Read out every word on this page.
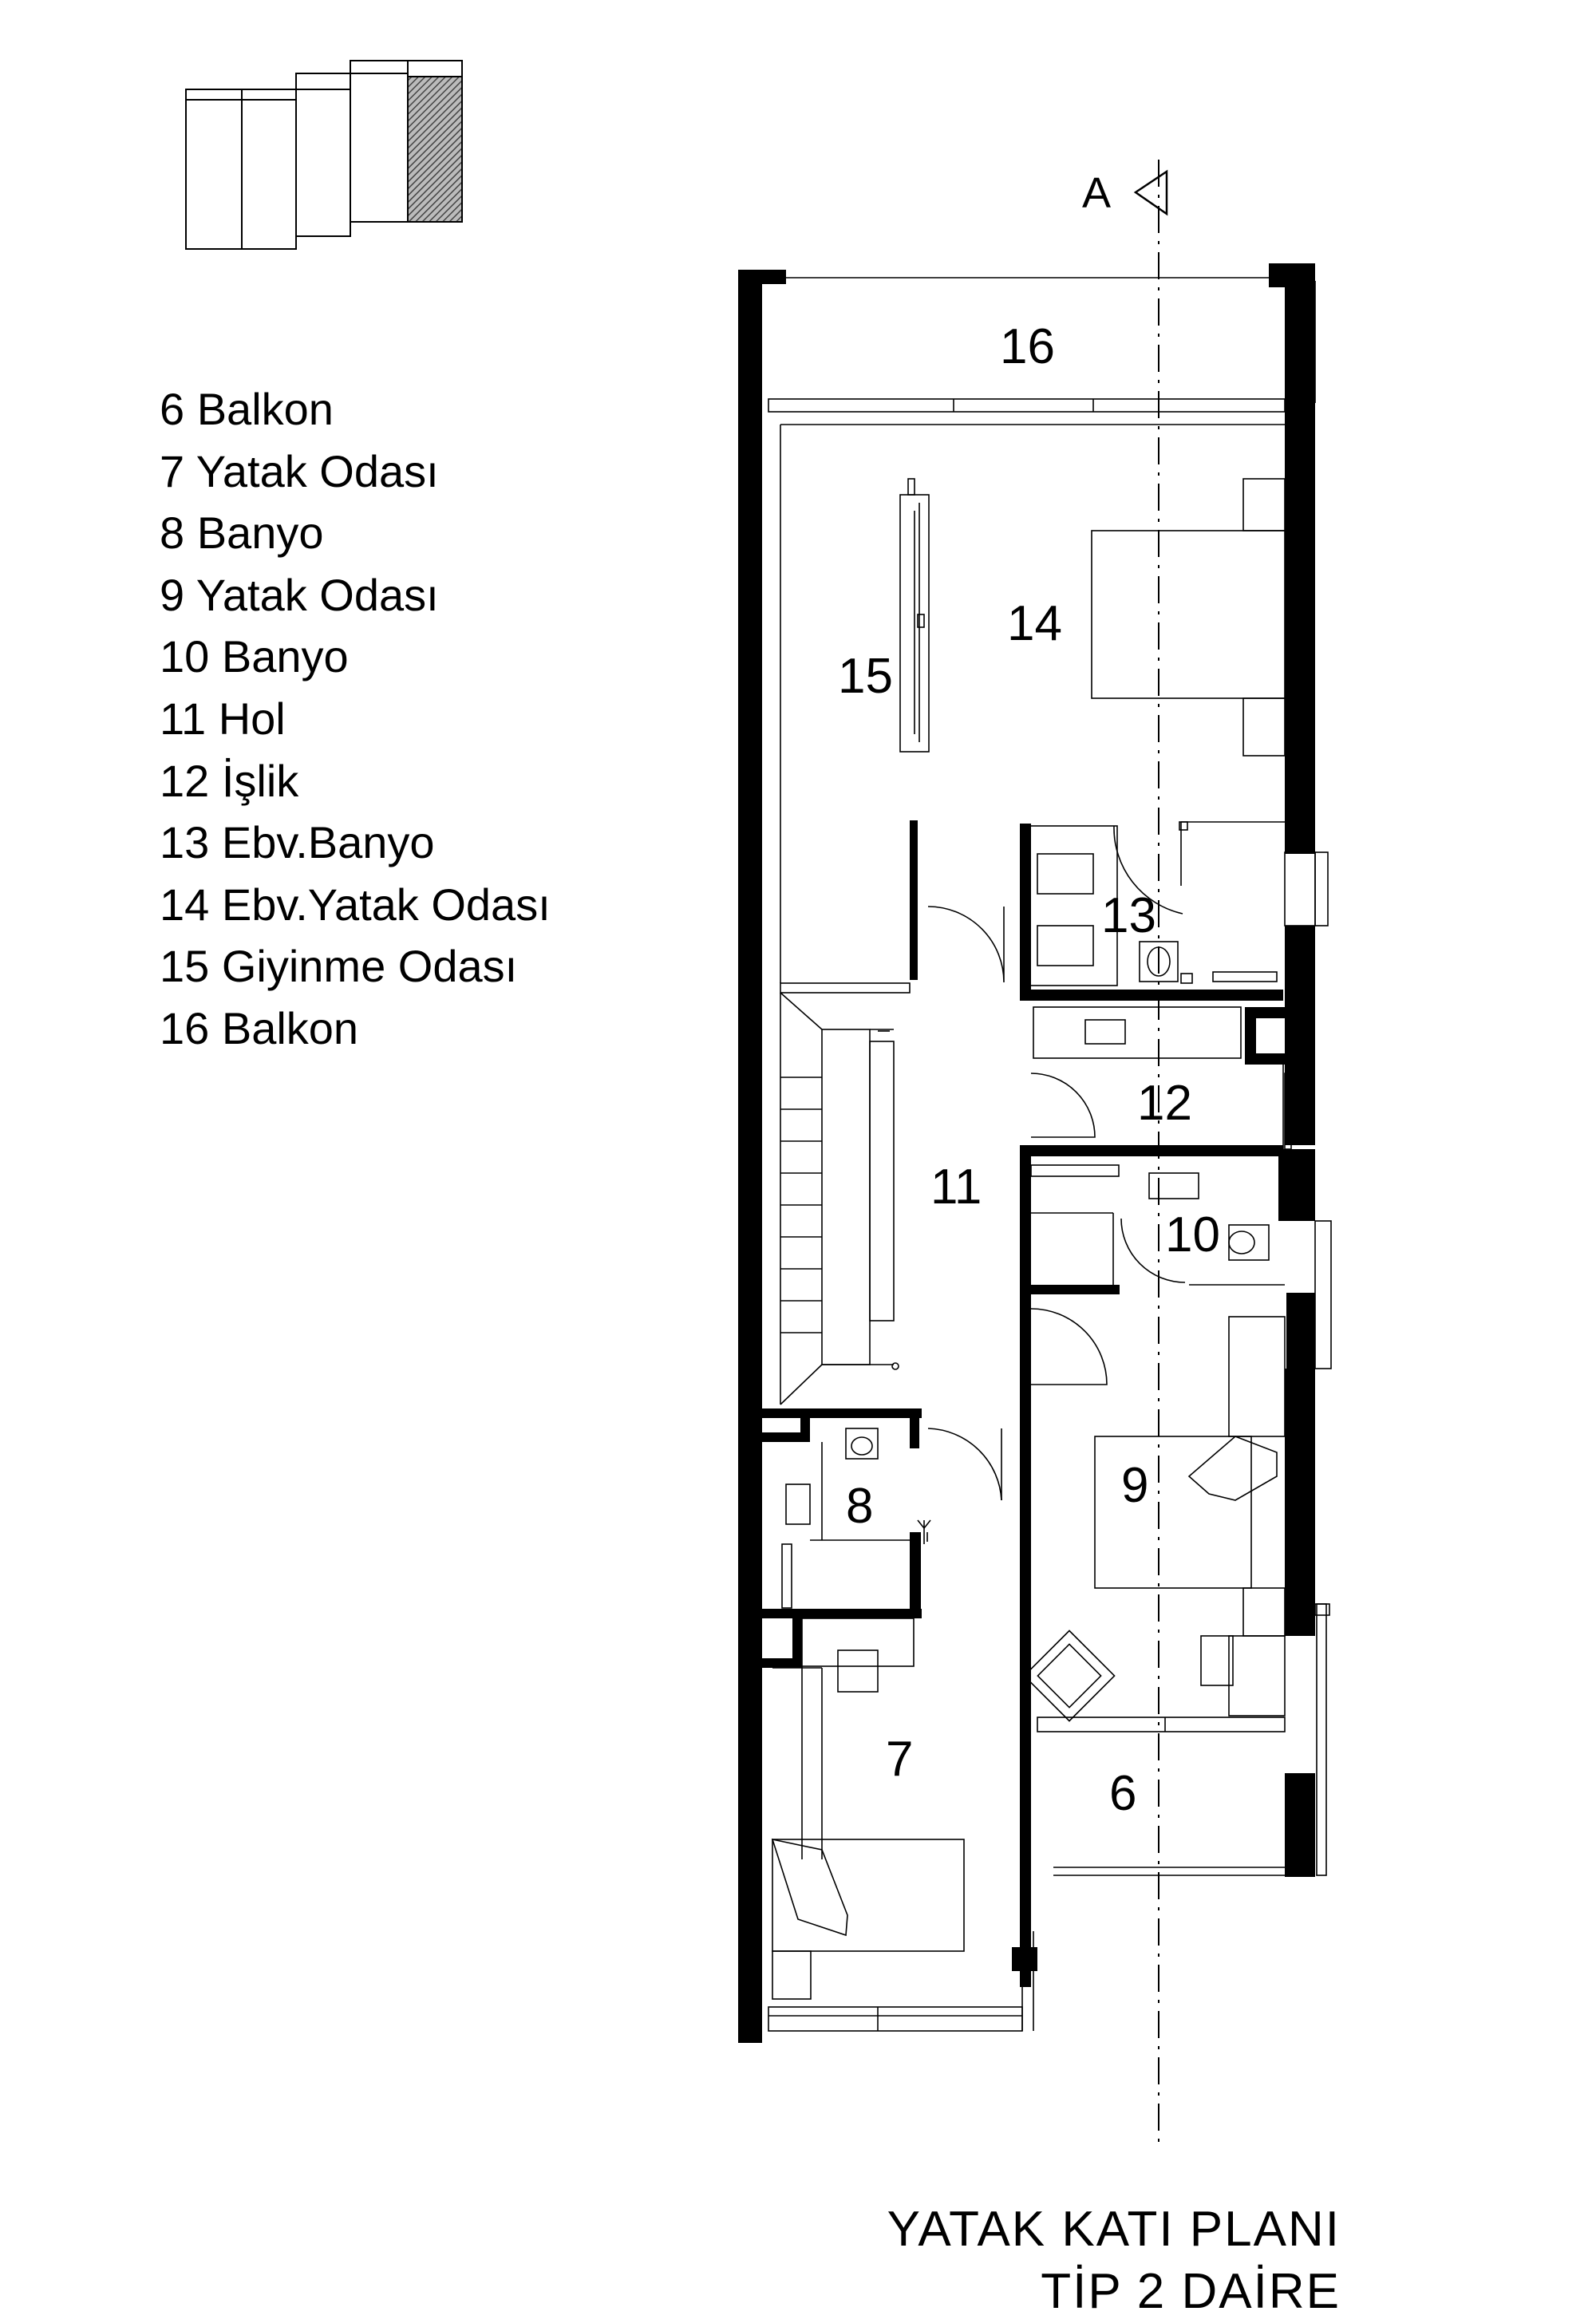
A
16
14
15
13
12
11
10
9
8
7
6
6 Balkon
7 Yatak Odası
8 Banyo
9 Yatak Odası
10 Banyo
11 Hol
12 İşlik
13 Ebv.Banyo
14 Ebv.Yatak Odası
15 Giyinme Odası
16 Balkon
YATAK KATI PLANI
TİP 2 DAİRE
